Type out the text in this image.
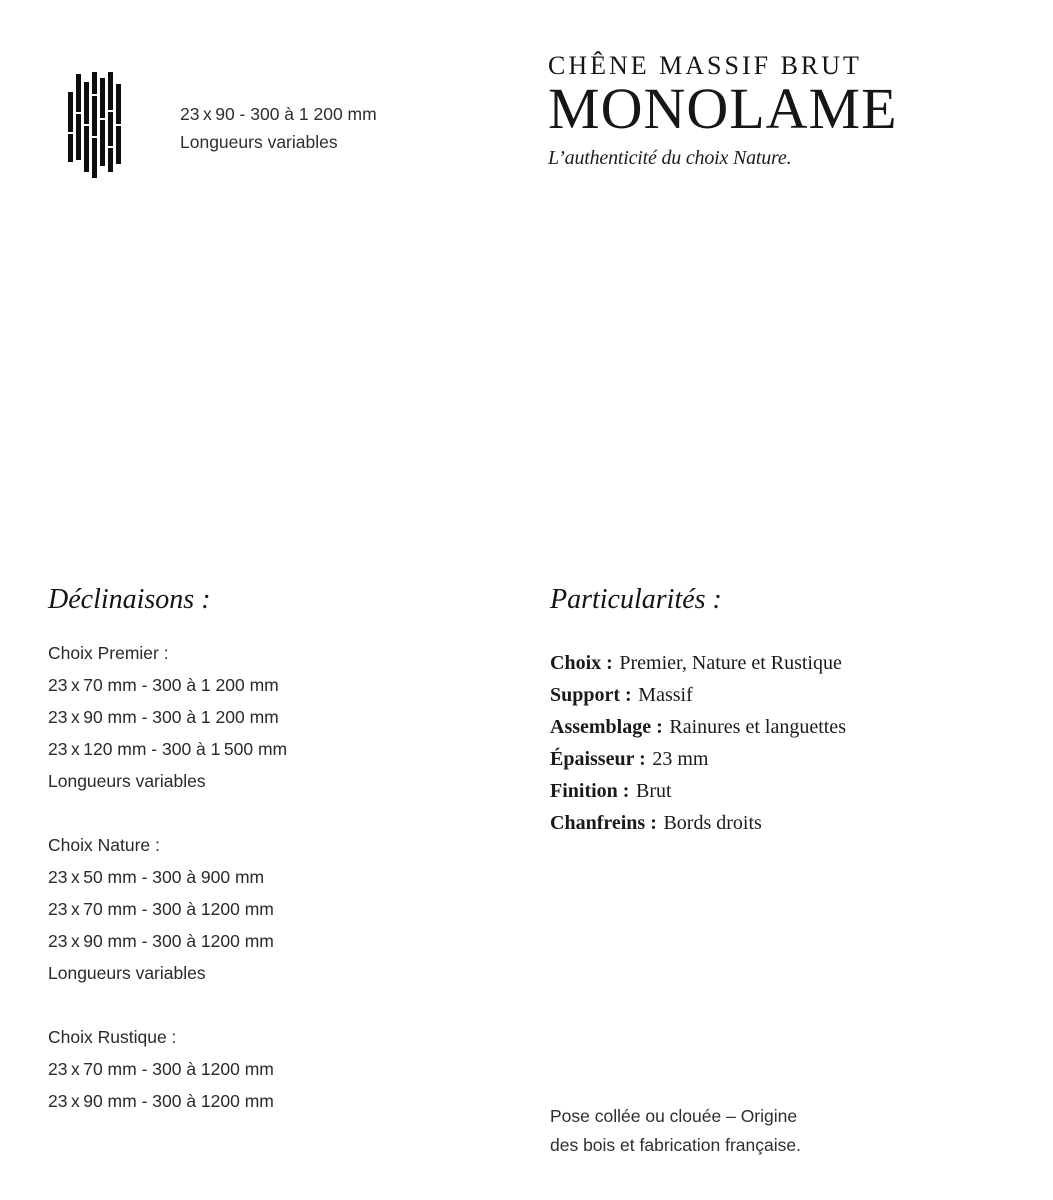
23 x 90 - 300 à 1 200 mm
Longueurs variables
CHÊNE MASSIF BRUT
MONOLAME
L’authenticité du choix Nature.
Déclinaisons :
Choix Premier :
23 x 70 mm - 300 à 1 200 mm
23 x 90 mm - 300 à 1 200 mm
23 x 120 mm - 300 à 1 500 mm
Longueurs variables
Choix Nature :
23 x 50 mm - 300 à 900 mm
23 x 70 mm - 300 à 1200 mm
23 x 90 mm - 300 à 1200 mm
Longueurs variables
Choix Rustique :
23 x 70 mm - 300 à 1200 mm
23 x 90 mm - 300 à 1200 mm
Particularités :
Choix : Premier, Nature et Rustique
Support : Massif
Assemblage : Rainures et languettes
Épaisseur : 23 mm
Finition : Brut
Chanfreins : Bords droits
Pose collée ou clouée – Origine
des bois et fabrication française.
